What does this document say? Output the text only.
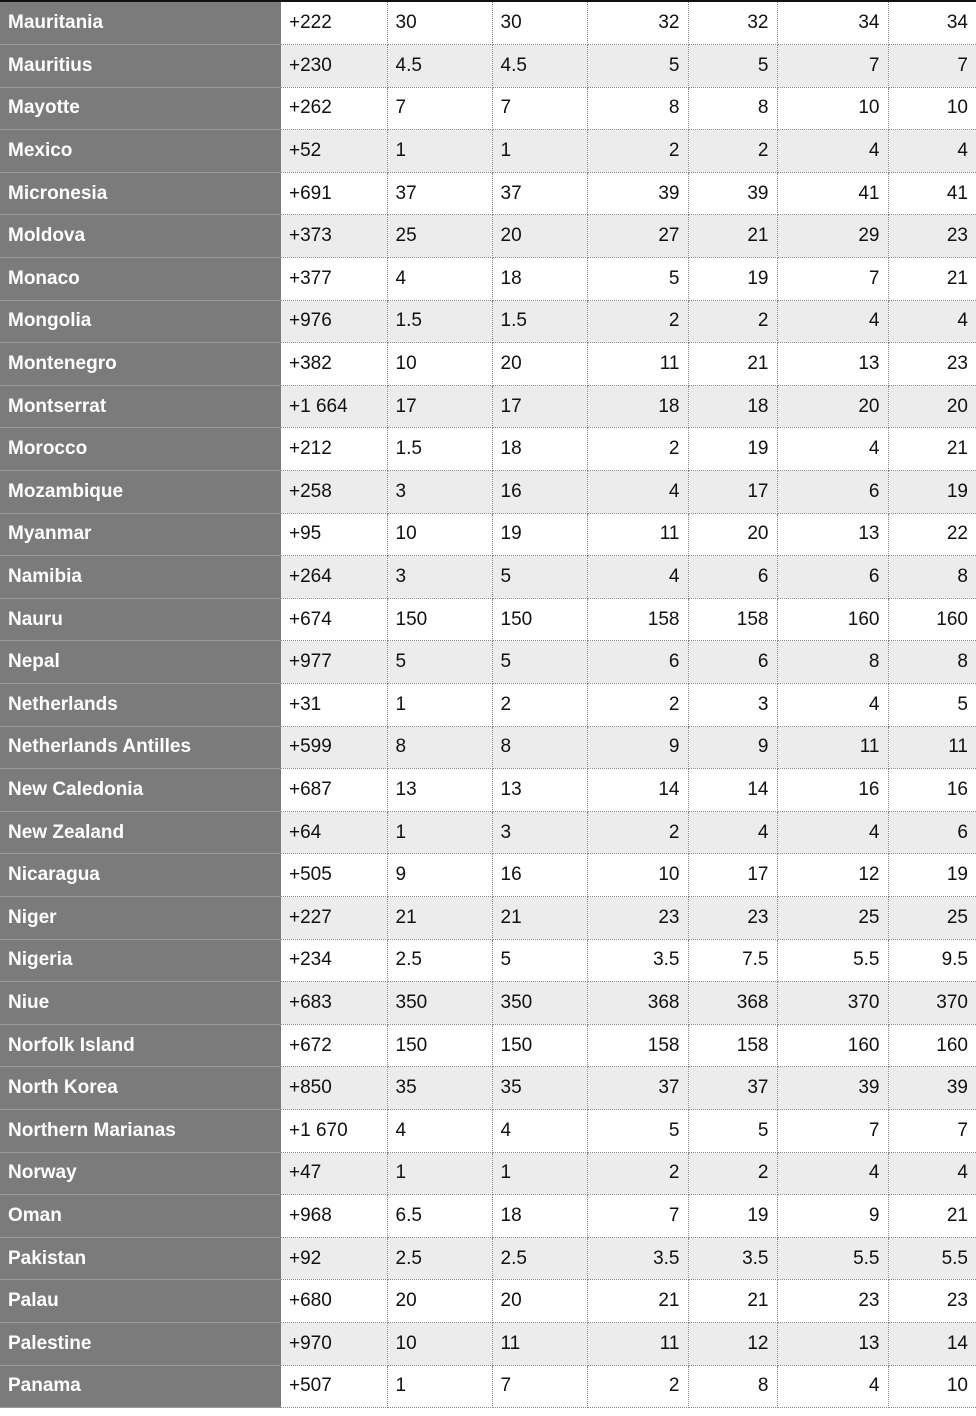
Mauritania	+222	30	30	32	32	34	34
Mauritius	+230	4.5	4.5	5	5	7	7
Mayotte	+262	7	7	8	8	10	10
Mexico	+52	1	1	2	2	4	4
Micronesia	+691	37	37	39	39	41	41
Moldova	+373	25	20	27	21	29	23
Monaco	+377	4	18	5	19	7	21
Mongolia	+976	1.5	1.5	2	2	4	4
Montenegro	+382	10	20	11	21	13	23
Montserrat	+1 664	17	17	18	18	20	20
Morocco	+212	1.5	18	2	19	4	21
Mozambique	+258	3	16	4	17	6	19
Myanmar	+95	10	19	11	20	13	22
Namibia	+264	3	5	4	6	6	8
Nauru	+674	150	150	158	158	160	160
Nepal	+977	5	5	6	6	8	8
Netherlands	+31	1	2	2	3	4	5
Netherlands Antilles	+599	8	8	9	9	11	11
New Caledonia	+687	13	13	14	14	16	16
New Zealand	+64	1	3	2	4	4	6
Nicaragua	+505	9	16	10	17	12	19
Niger	+227	21	21	23	23	25	25
Nigeria	+234	2.5	5	3.5	7.5	5.5	9.5
Niue	+683	350	350	368	368	370	370
Norfolk Island	+672	150	150	158	158	160	160
North Korea	+850	35	35	37	37	39	39
Northern Marianas	+1 670	4	4	5	5	7	7
Norway	+47	1	1	2	2	4	4
Oman	+968	6.5	18	7	19	9	21
Pakistan	+92	2.5	2.5	3.5	3.5	5.5	5.5
Palau	+680	20	20	21	21	23	23
Palestine	+970	10	11	11	12	13	14
Panama	+507	1	7	2	8	4	10
